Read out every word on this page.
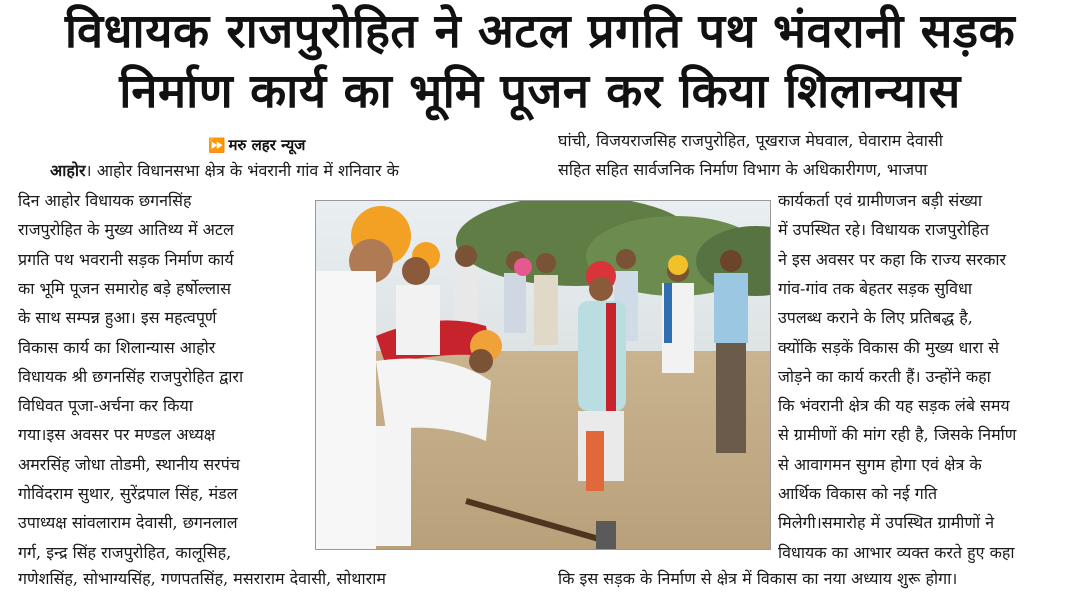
विधायक राजपुरोहित ने अटल प्रगति पथ भंवरानी सड़क
निर्माण कार्य का भूमि पूजन कर किया शिलान्यास
⏩ मरु लहर न्यूज
आहोर। आहोर विधानसभा क्षेत्र के भंवरानी गांव में शनिवार के
दिन आहोर विधायक छगनसिंह
राजपुरोहित के मुख्य आतिथ्य में अटल
प्रगति पथ भवरानी सड़क निर्माण कार्य
का भूमि पूजन समारोह बड़े हर्षोल्लास
के साथ सम्पन्न हुआ। इस महत्वपूर्ण
विकास कार्य का शिलान्यास आहोर
विधायक श्री छगनसिंह राजपुरोहित द्वारा
विधिवत पूजा-अर्चना कर किया
गया।इस अवसर पर मण्डल अध्यक्ष
अमरसिंह जोधा तोडमी, स्थानीय सरपंच
गोविंदराम सुथार, सुरेंद्रपाल सिंह, मंडल
उपाध्यक्ष सांवलाराम देवासी, छगनलाल
गर्ग, इन्द्र सिंह राजपुरोहित, कालूसिह,
घांची, विजयराजसिह राजपुरोहित, पूखराज मेघवाल, घेवाराम देवासी
सहित सहित सार्वजनिक निर्माण विभाग के अधिकारीगण, भाजपा
कार्यकर्ता एवं ग्रामीणजन बड़ी संख्या
में उपस्थित रहे। विधायक राजपुरोहित
ने इस अवसर पर कहा कि राज्य सरकार
गांव-गांव तक बेहतर सड़क सुविधा
उपलब्ध कराने के लिए प्रतिबद्ध है,
क्योंकि सड़कें विकास की मुख्य धारा से
जोड़ने का कार्य करती हैं। उन्होंने कहा
कि भंवरानी क्षेत्र की यह सड़क लंबे समय
से ग्रामीणों की मांग रही है, जिसके निर्माण
से आवागमन सुगम होगा एवं क्षेत्र के
आर्थिक विकास को नई गति
मिलेगी।समारोह में उपस्थित ग्रामीणों ने
विधायक का आभार व्यक्त करते हुए कहा
गणेशसिंह, सोभाग्यसिंह, गणपतसिंह, मसराराम देवासी, सोथाराम	कि इस सड़क के निर्माण से क्षेत्र में विकास का नया अध्याय शुरू होगा।
